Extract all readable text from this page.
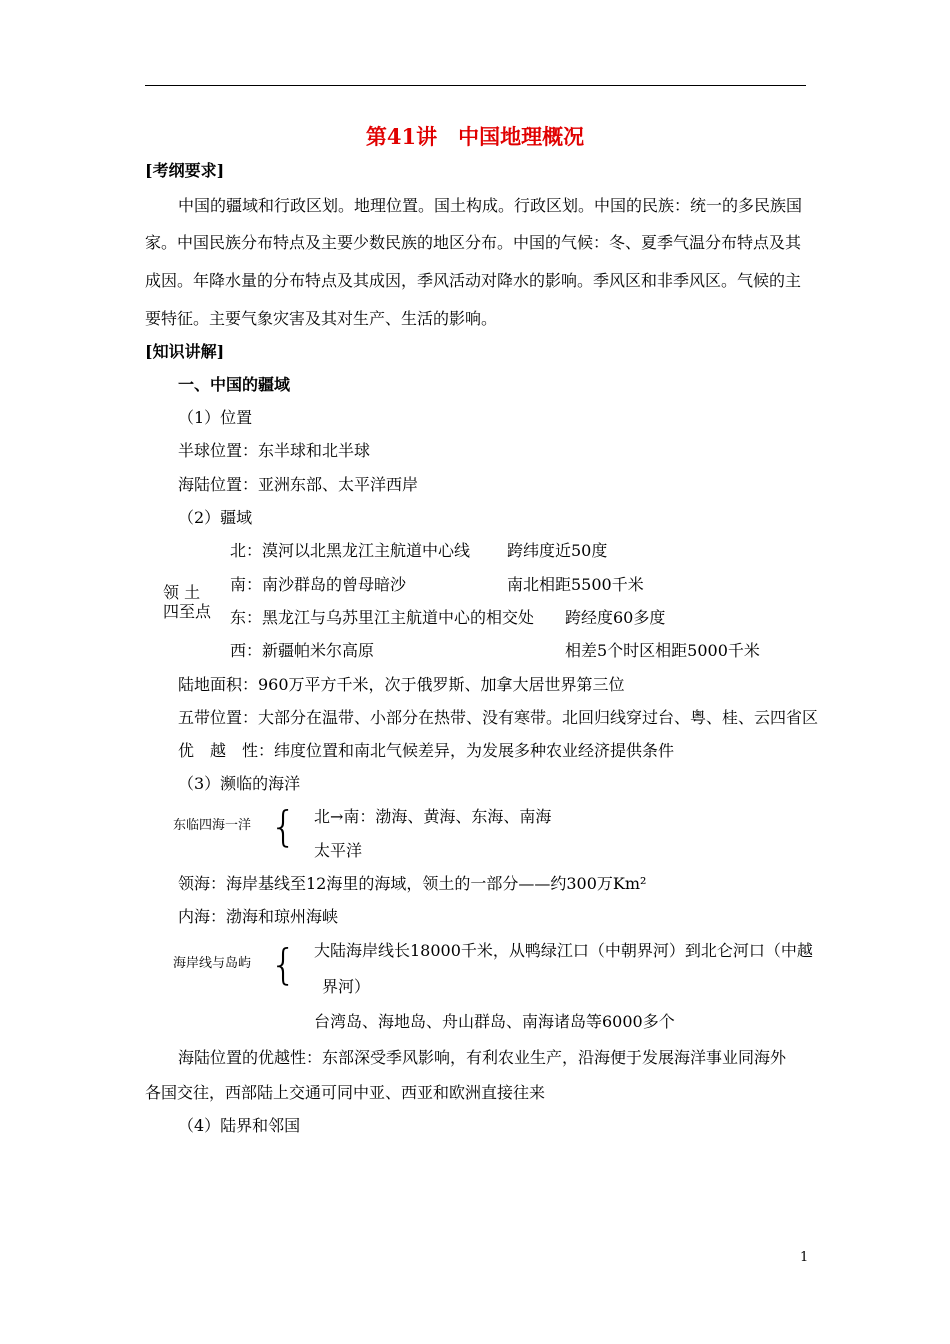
第41讲　中国地理概况
[考纲要求]
中国的疆域和行政区划。地理位置。国土构成。行政区划。中国的民族：统一的多民族国
家。中国民族分布特点及主要少数民族的地区分布。中国的气候：冬、夏季气温分布特点及其
成因。年降水量的分布特点及其成因，季风活动对降水的影响。季风区和非季风区。气候的主
要特征。主要气象灾害及其对生产、生活的影响。
[知识讲解]
一、中国的疆域
（1）位置
半球位置：东半球和北半球
海陆位置：亚洲东部、太平洋西岸
（2）疆域
领 土
四至点
北：漠河以北黑龙江主航道中心线 跨纬度近50度
南：南沙群岛的曾母暗沙	南北相距5500千米
东：黑龙江与乌苏里江主航道中心的相交处 跨经度60多度
西：新疆帕米尔高原	相差5个时区相距5000千米
陆地面积：960万平方千米，次于俄罗斯、加拿大居世界第三位
五带位置：大部分在温带、小部分在热带、没有寒带。北回归线穿过台、粤、桂、云四省区
优　越　性：纬度位置和南北气候差异，为发展多种农业经济提供条件
（3）濒临的海洋
东临四海一洋 { 北→南：渤海、黄海、东海、南海
太平洋
领海：海岸基线至12海里的海域，领土的一部分——约300万Km²
内海：渤海和琼州海峡
海岸线与岛屿 { 大陆海岸线长18000千米，从鸭绿江口（中朝界河）到北仑河口（中越
界河）
台湾岛、海地岛、舟山群岛、南海诸岛等6000多个
海陆位置的优越性：东部深受季风影响，有利农业生产，沿海便于发展海洋事业同海外
各国交往，西部陆上交通可同中亚、西亚和欧洲直接往来
（4）陆界和邻国
1
